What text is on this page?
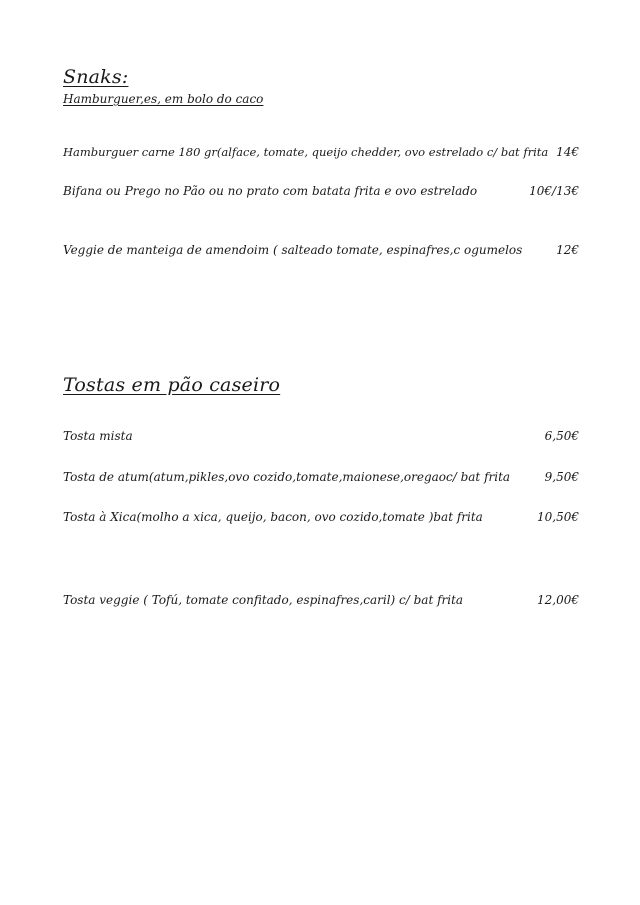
Snaks:
Hamburguer,es, em bolo do caco
Hamburguer carne 180 gr(alface, tomate, queijo chedder, ovo estrelado c/ bat frita 14€
Bifana ou Prego no Pão ou no prato com batata frita e ovo estrelado	10€/13€
Veggie de manteiga de amendoim ( salteado tomate, espinafres,c ogumelos	12€
Tostas em pão caseiro
Tosta mista	6,50€
Tosta de atum(atum,pikles,ovo cozido,tomate,maionese,oregaoc/ bat frita	9,50€
Tosta à Xica(molho a xica, queijo, bacon, ovo cozido,tomate )bat frita	10,50€
Tosta veggie ( Tofú, tomate confitado, espinafres,caril) c/ bat frita	12,00€
